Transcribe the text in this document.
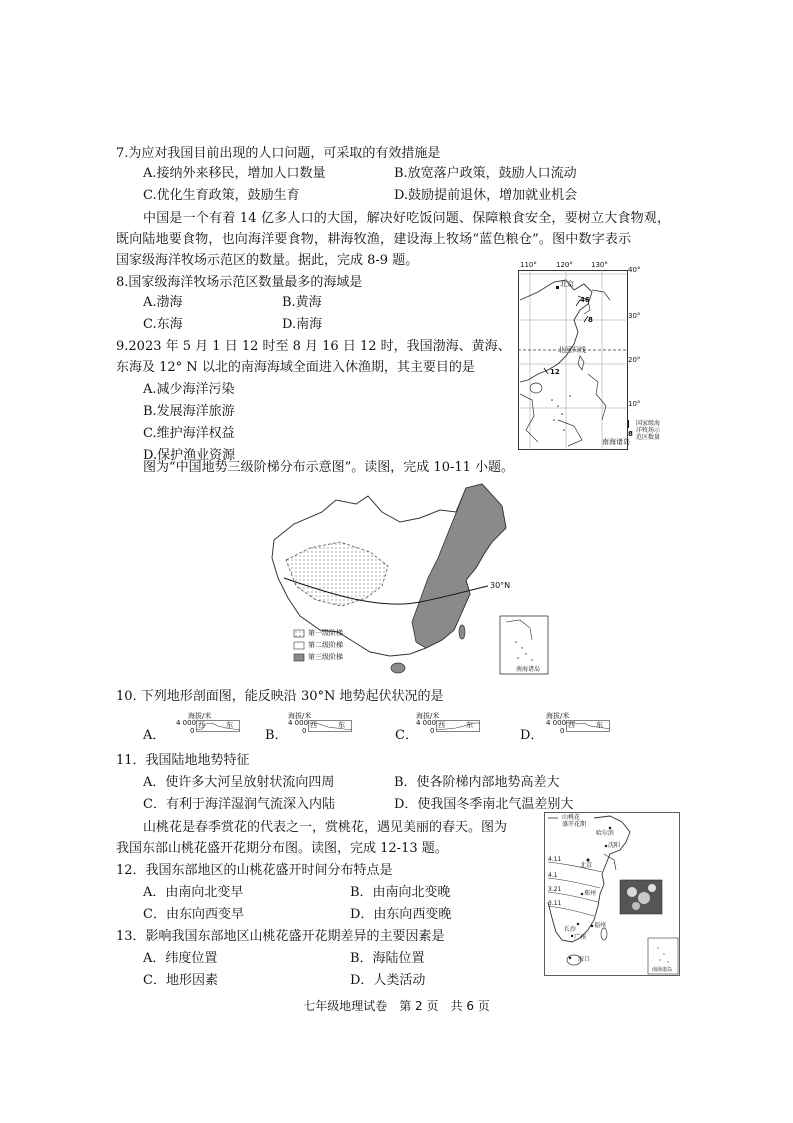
7.为应对我国目前出现的人口问题，可采取的有效措施是
A.接纳外来移民，增加人口数量	B.放宽落户政策，鼓励人口流动
C.优化生育政策，鼓励生育	D.鼓励提前退休，增加就业机会
中国是一个有着 14 亿多人口的大国，解决好吃饭问题、保障粮食安全，要树立大食物观，
既向陆地要食物，也向海洋要食物，耕海牧渔，建设海上牧场“蓝色粮仓”。图中数字表示
国家级海洋牧场示范区的数量。据此，完成 8-9 题。
8.国家级海洋牧场示范区数量最多的海域是
A.渤海	B.黄海
C.东海	D.南海
9.2023 年 5 月 1 日 12 时至 8 月 16 日 12 时，我国渤海、黄海、
东海及 12° N 以北的南海海域全面进入休渔期，其主要目的是
A.减少海洋污染
B.发展海洋旅游
C.维护海洋权益
D.保护渔业资源
110°	120°	130°
40°
30°
20°
10°
北京
46
8
北回归线
12
南海诸岛
8
国家级海
洋牧场示
范区数量
图为“中国地势三级阶梯分布示意图”。读图，完成 10-11 小题。
30°N
第一级阶梯
第二级阶梯
第三级阶梯
南海诸岛
10. 下列地形剖面图，能反映沿 30°N 地势起伏状况的是
A．
海拔/米
4 000
0
西	东
B．
海拔/米
4 000
0
西	东
C．
海拔/米
4 000
0
西	东
D．
海拔/米
4 000
0
西	东
11．我国陆地地势特征
A．使许多大河呈放射状流向四周	B．使各阶梯内部地势高差大
C．有利于海洋湿润气流深入内陆	D．使我国冬季南北气温差别大
山桃花是春季赏花的代表之一，赏桃花，遇见美丽的春天。图为
我国东部山桃花盛开花期分布图。读图，完成 12-13 题。
山桃花
盛开花期
哈尔滨
沈阳
北京
郑州
长沙
福州
广州
海口
4.11
4.1
3.21
3.11
南海诸岛
12．我国东部地区的山桃花盛开时间分布特点是
A．由南向北变早	B．由南向北变晚
C．由东向西变早	D．由东向西变晚
13．影响我国东部地区山桃花盛开花期差异的主要因素是
A．纬度位置	B．海陆位置
C．地形因素	D．人类活动
七年级地理试卷　第 2 页　共 6 页
